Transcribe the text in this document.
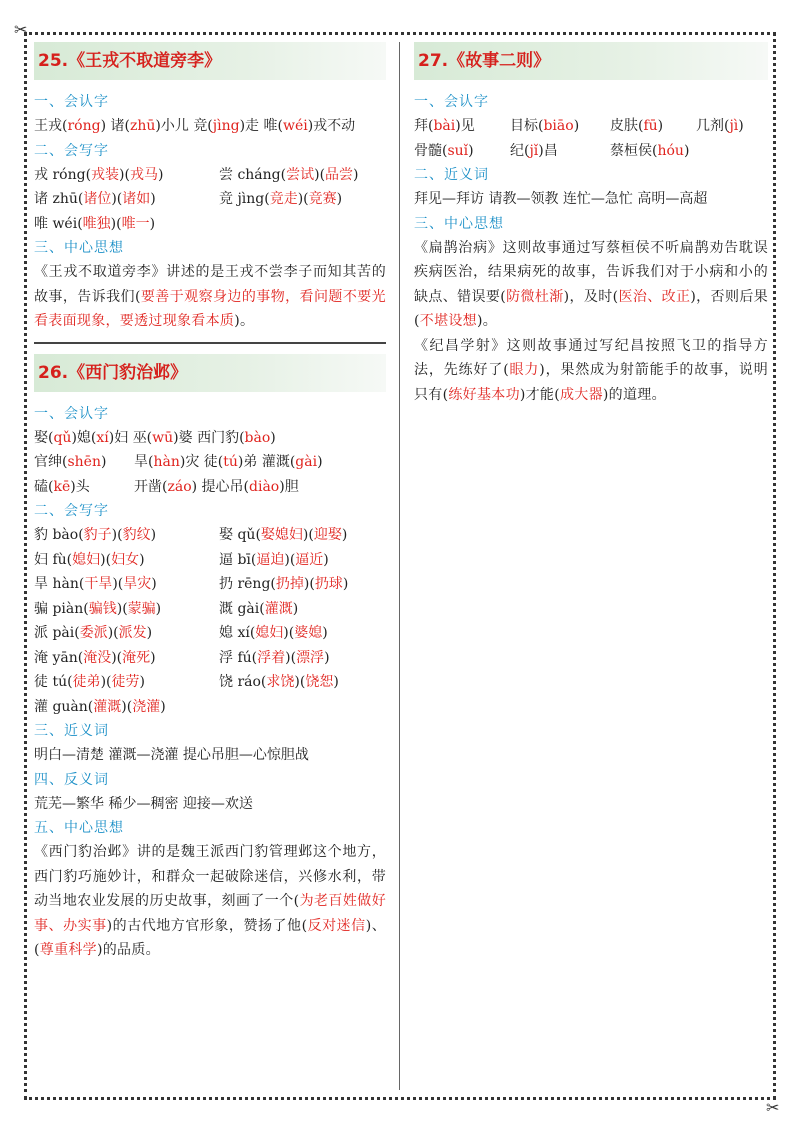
✂
✂
25.《王戎不取道旁李》
一、会认字
王戎(róng) 诸(zhū)小儿 竞(jìng)走 唯(wéi)戎不动
二、会写字
戎 róng(戎装)(戎马)	尝 cháng(尝试)(品尝)
诸 zhū(诸位)(诸如)	竞 jìng(竞走)(竞赛)
唯 wéi(唯独)(唯一)
三、中心思想
《王戎不取道旁李》讲述的是王戎不尝李子而知其苦的故事，告诉我们(要善于观察身边的事物，看问题不要光看表面现象，要透过现象看本质)。
26.《西门豹治邺》
一、会认字
娶(qǔ)媳(xí)妇 巫(wū)婆 西门豹(bào)
官绅(shēn) 旱(hàn)灾 徒(tú)弟 灌溉(gài)
磕(kē)头	开凿(záo) 提心吊(diào)胆
二、会写字
豹 bào(豹子)(豹纹)	娶 qǔ(娶媳妇)(迎娶)
妇 fù(媳妇)(妇女)	逼 bī(逼迫)(逼近)
旱 hàn(干旱)(旱灾)	扔 rēng(扔掉)(扔球)
骗 piàn(骗钱)(蒙骗)	溉 gài(灌溉)
派 pài(委派)(派发)	媳 xí(媳妇)(婆媳)
淹 yān(淹没)(淹死)	浮 fú(浮着)(漂浮)
徒 tú(徒弟)(徒劳)	饶 ráo(求饶)(饶恕)
灌 guàn(灌溉)(浇灌)
三、近义词
明白—清楚 灌溉—浇灌 提心吊胆—心惊胆战
四、反义词
荒芜—繁华 稀少—稠密 迎接—欢送
五、中心思想
《西门豹治邺》讲的是魏王派西门豹管理邺这个地方，西门豹巧施妙计，和群众一起破除迷信，兴修水利，带动当地农业发展的历史故事，刻画了一个(为老百姓做好事、办实事)的古代地方官形象，赞扬了他(反对迷信)、(尊重科学)的品质。
27.《故事二则》
一、会认字
拜(bài)见	目标(biāo) 皮肤(fū) 几剂(jì)
骨髓(suǐ)	纪(jǐ)昌	蔡桓侯(hóu)
二、近义词
拜见—拜访 请教—领教 连忙—急忙 高明—高超
三、中心思想
《扁鹊治病》这则故事通过写蔡桓侯不听扁鹊劝告耽误疾病医治，结果病死的故事，告诉我们对于小病和小的缺点、错误要(防微杜渐)，及时(医治、改正)，否则后果(不堪设想)。
《纪昌学射》这则故事通过写纪昌按照飞卫的指导方法，先练好了(眼力)，果然成为射箭能手的故事，说明只有(练好基本功)才能(成大器)的道理。
